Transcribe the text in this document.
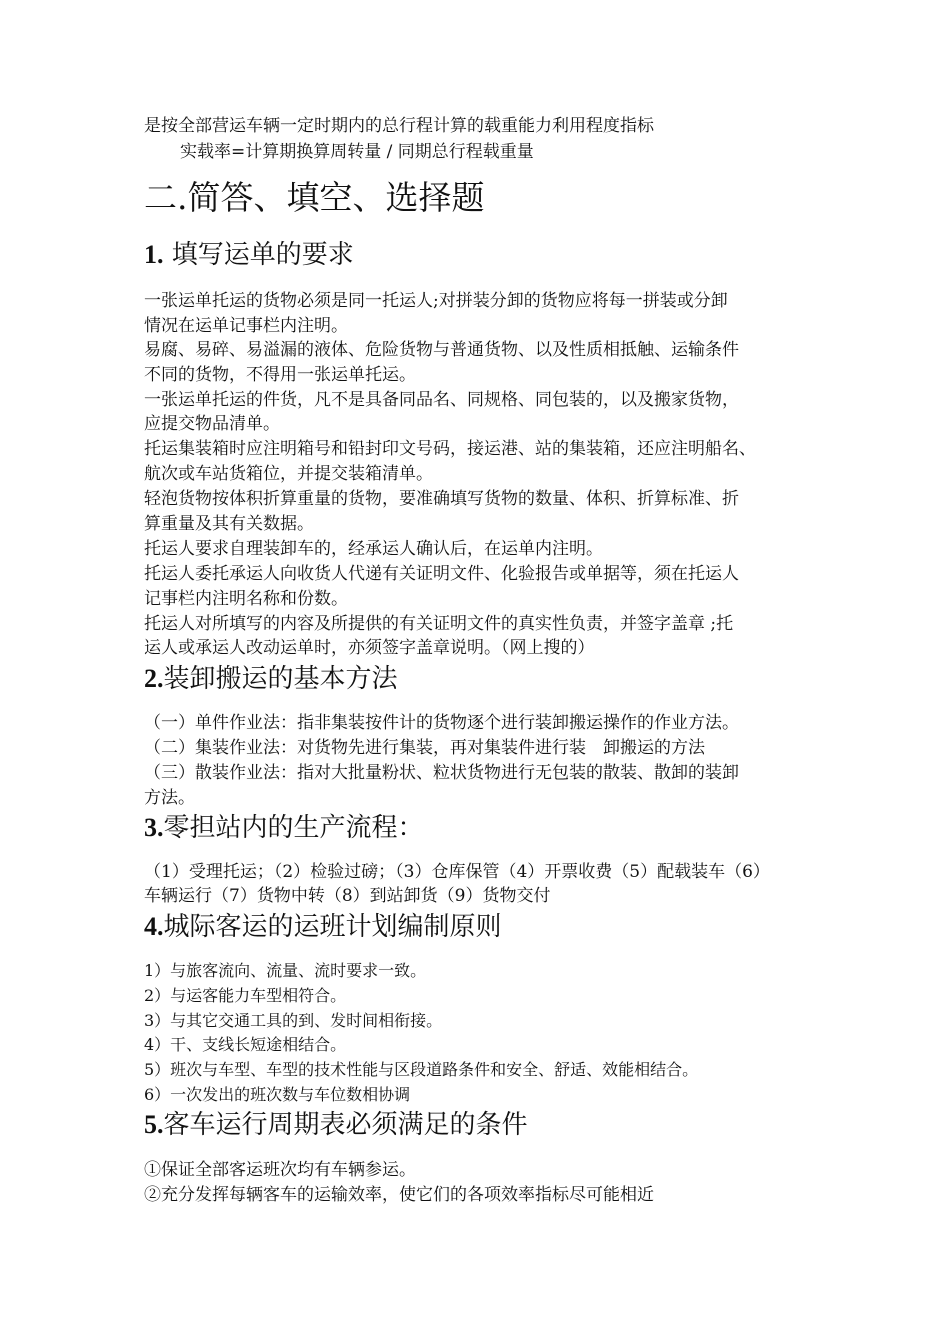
是按全部营运车辆一定时期内的总行程计算的载重能力利用程度指标
实载率=计算期换算周转量 / 同期总行程载重量
二.简答、填空、选择题
1. 填写运单的要求
一张运单托运的货物必须是同一托运人;对拼装分卸的货物应将每一拼装或分卸
情况在运单记事栏内注明。
易腐、易碎、易溢漏的液体、危险货物与普通货物、以及性质相抵触、运输条件
不同的货物，不得用一张运单托运。
一张运单托运的件货，凡不是具备同品名、同规格、同包装的，以及搬家货物，
应提交物品清单。
托运集装箱时应注明箱号和铅封印文号码，接运港、站的集装箱，还应注明船名、
航次或车站货箱位，并提交装箱清单。
轻泡货物按体积折算重量的货物，要准确填写货物的数量、体积、折算标准、折
算重量及其有关数据。
托运人要求自理装卸车的，经承运人确认后，在运单内注明。
托运人委托承运人向收货人代递有关证明文件、化验报告或单据等，须在托运人
记事栏内注明名称和份数。
托运人对所填写的内容及所提供的有关证明文件的真实性负责，并签字盖章 ;托
运人或承运人改动运单时，亦须签字盖章说明。（网上搜的）
2.装卸搬运的基本方法
（一）单件作业法：指非集装按件计的货物逐个进行装卸搬运操作的作业方法。
（二）集装作业法：对货物先进行集装，再对集装件进行装　卸搬运的方法
（三）散装作业法：指对大批量粉状、粒状货物进行无包装的散装、散卸的装卸
方法。
3.零担站内的生产流程：
（1）受理托运；（2）检验过磅；（3）仓库保管（4）开票收费（5）配载装车（6）
车辆运行（7）货物中转（8）到站卸货（9）货物交付
4.城际客运的运班计划编制原则
1）与旅客流向、流量、流时要求一致。
2）与运客能力车型相符合。
3）与其它交通工具的到、发时间相衔接。
4）干、支线长短途相结合。
5）班次与车型、车型的技术性能与区段道路条件和安全、舒适、效能相结合。
6）一次发出的班次数与车位数相协调
5.客车运行周期表必须满足的条件
①保证全部客运班次均有车辆参运。
②充分发挥每辆客车的运输效率，使它们的各项效率指标尽可能相近
